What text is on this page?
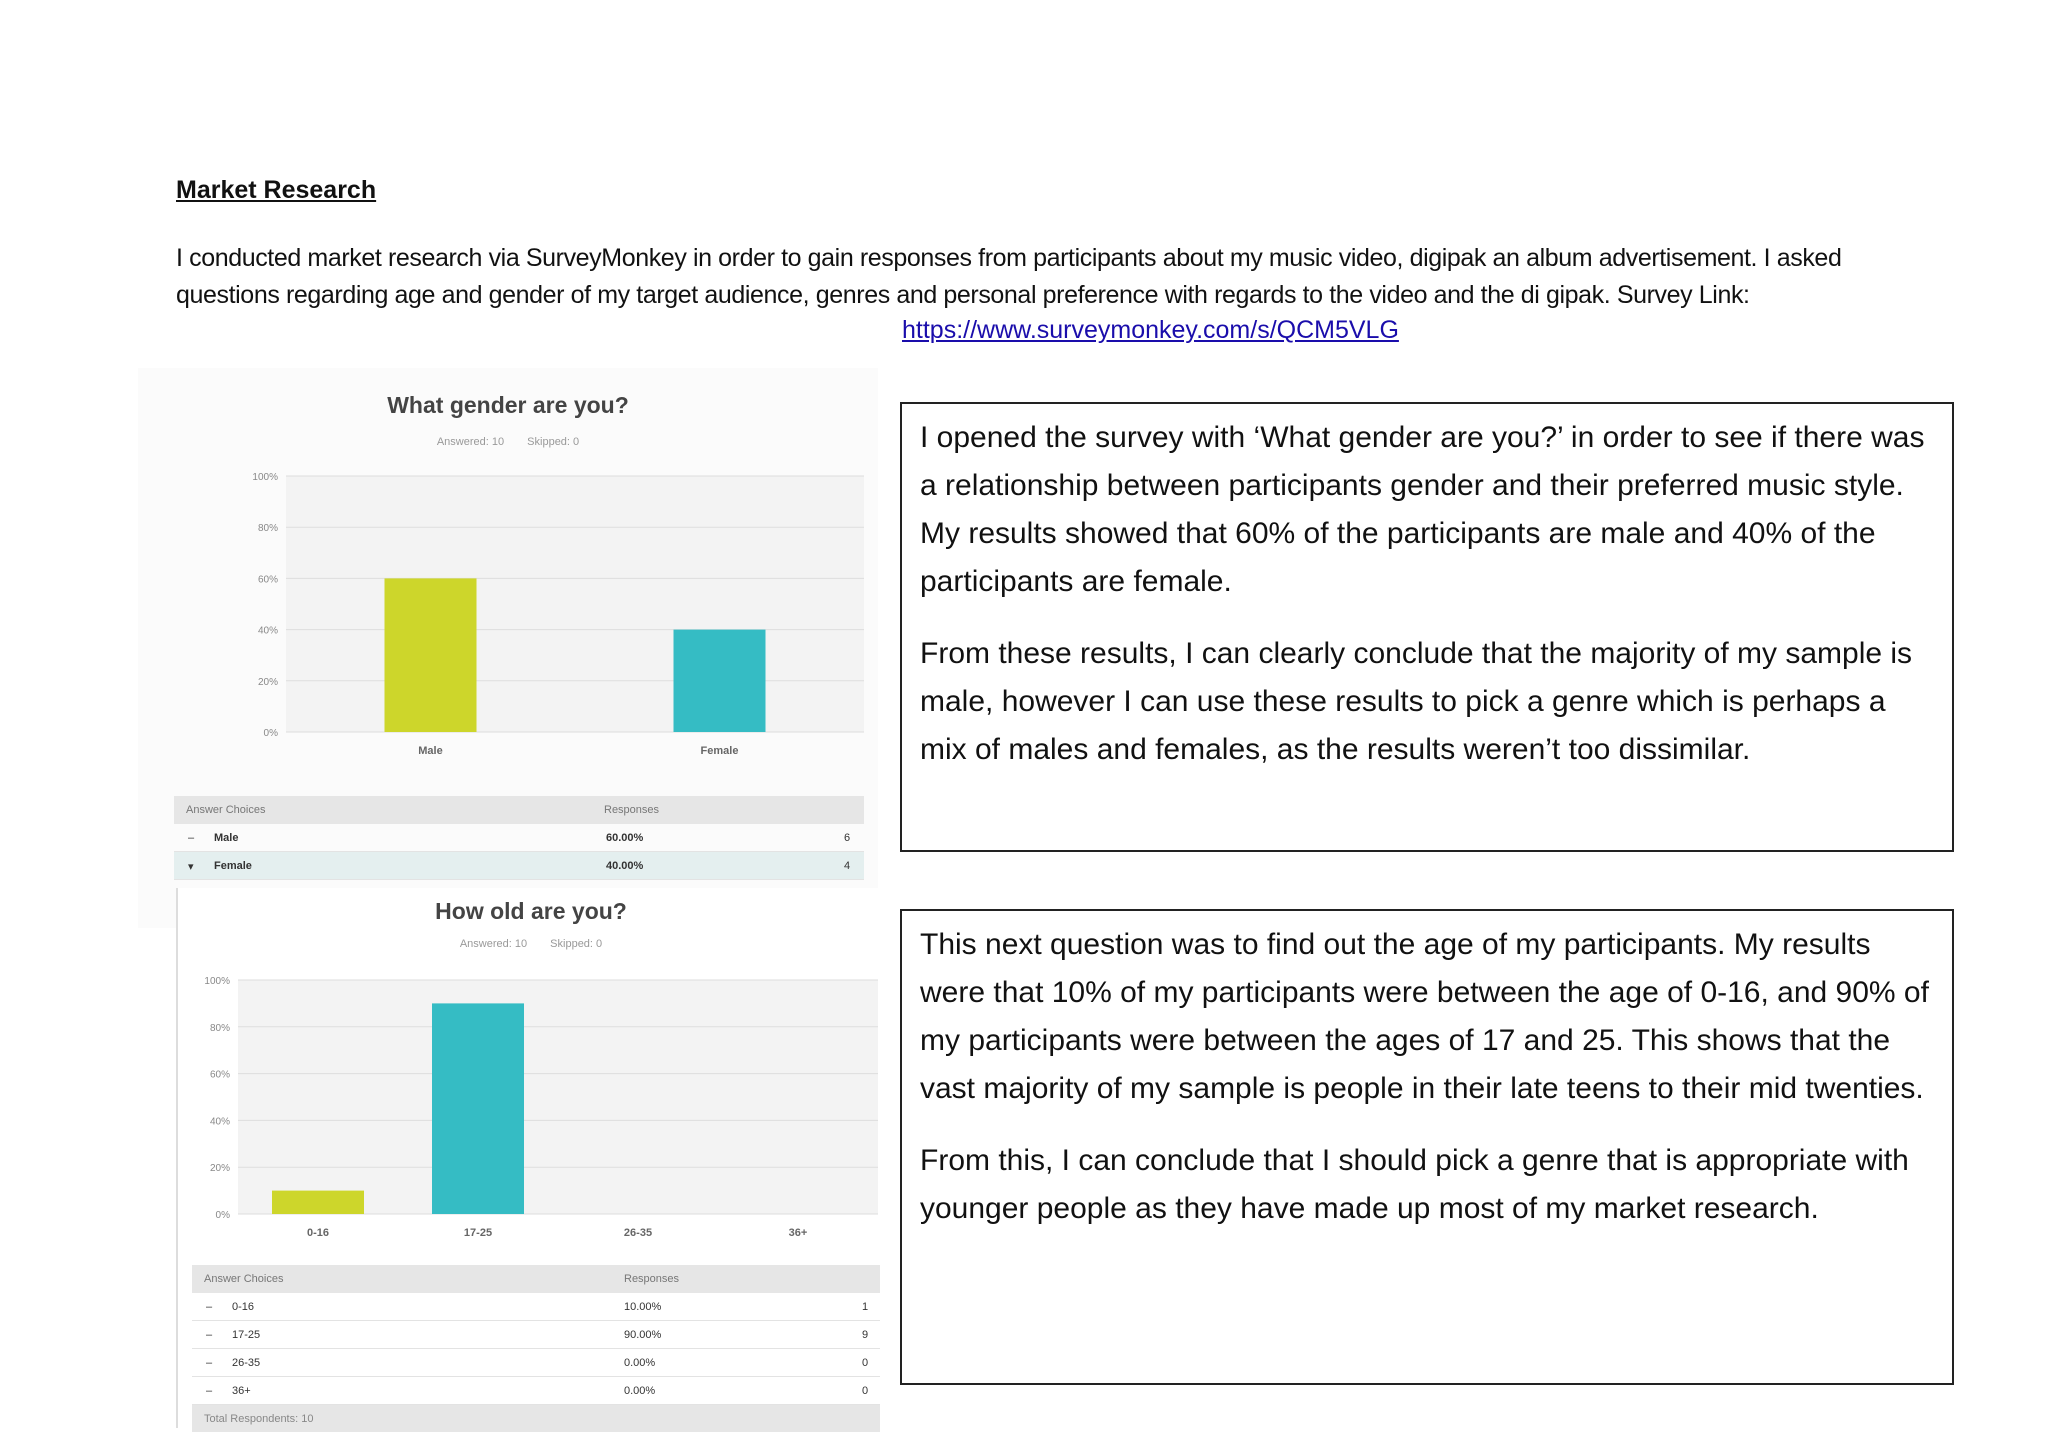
Market Research
I conducted market research via SurveyMonkey in order to gain responses from participants about my music video, digipak an album advertisement. I asked questions regarding age and gender of my target audience, genres and personal preference with regards to the video and the di gipak. Survey Link:
https://www.surveymonkey.com/s/QCM5VLG
What gender are you?
Answered: 10 Skipped: 0
0%
20%
40%
60%
80%
100%
Male	Female
Answer Choices	Responses
– Male	60.00%	6
▾ Female	40.00%	4
How old are you?
Answered: 10 Skipped: 0
0%
20%
40%
60%
80%
100%
0-16	17-25	26-35	36+
Answer Choices	Responses
– 0-16	10.00%	1
– 17-25	90.00%	9
– 26-35	0.00%	0
– 36+	0.00%	0
Total Respondents: 10

I opened the survey with ‘What gender are you?’ in order to see if there was a relationship between participants gender and their preferred music style. My results showed that 60% of the participants are male and 40% of the participants are female.

From these results, I can clearly conclude that the majority of my sample is male, however I can use these results to pick a genre which is perhaps a mix of males and females, as the results weren’t too dissimilar.

This next question was to find out the age of my participants. My results were that 10% of my participants were between the age of 0-16, and 90% of my participants were between the ages of 17 and 25. This shows that the vast majority of my sample is people in their late teens to their mid twenties.

From this, I can conclude that I should pick a genre that is appropriate with younger people as they have made up most of my market research.
